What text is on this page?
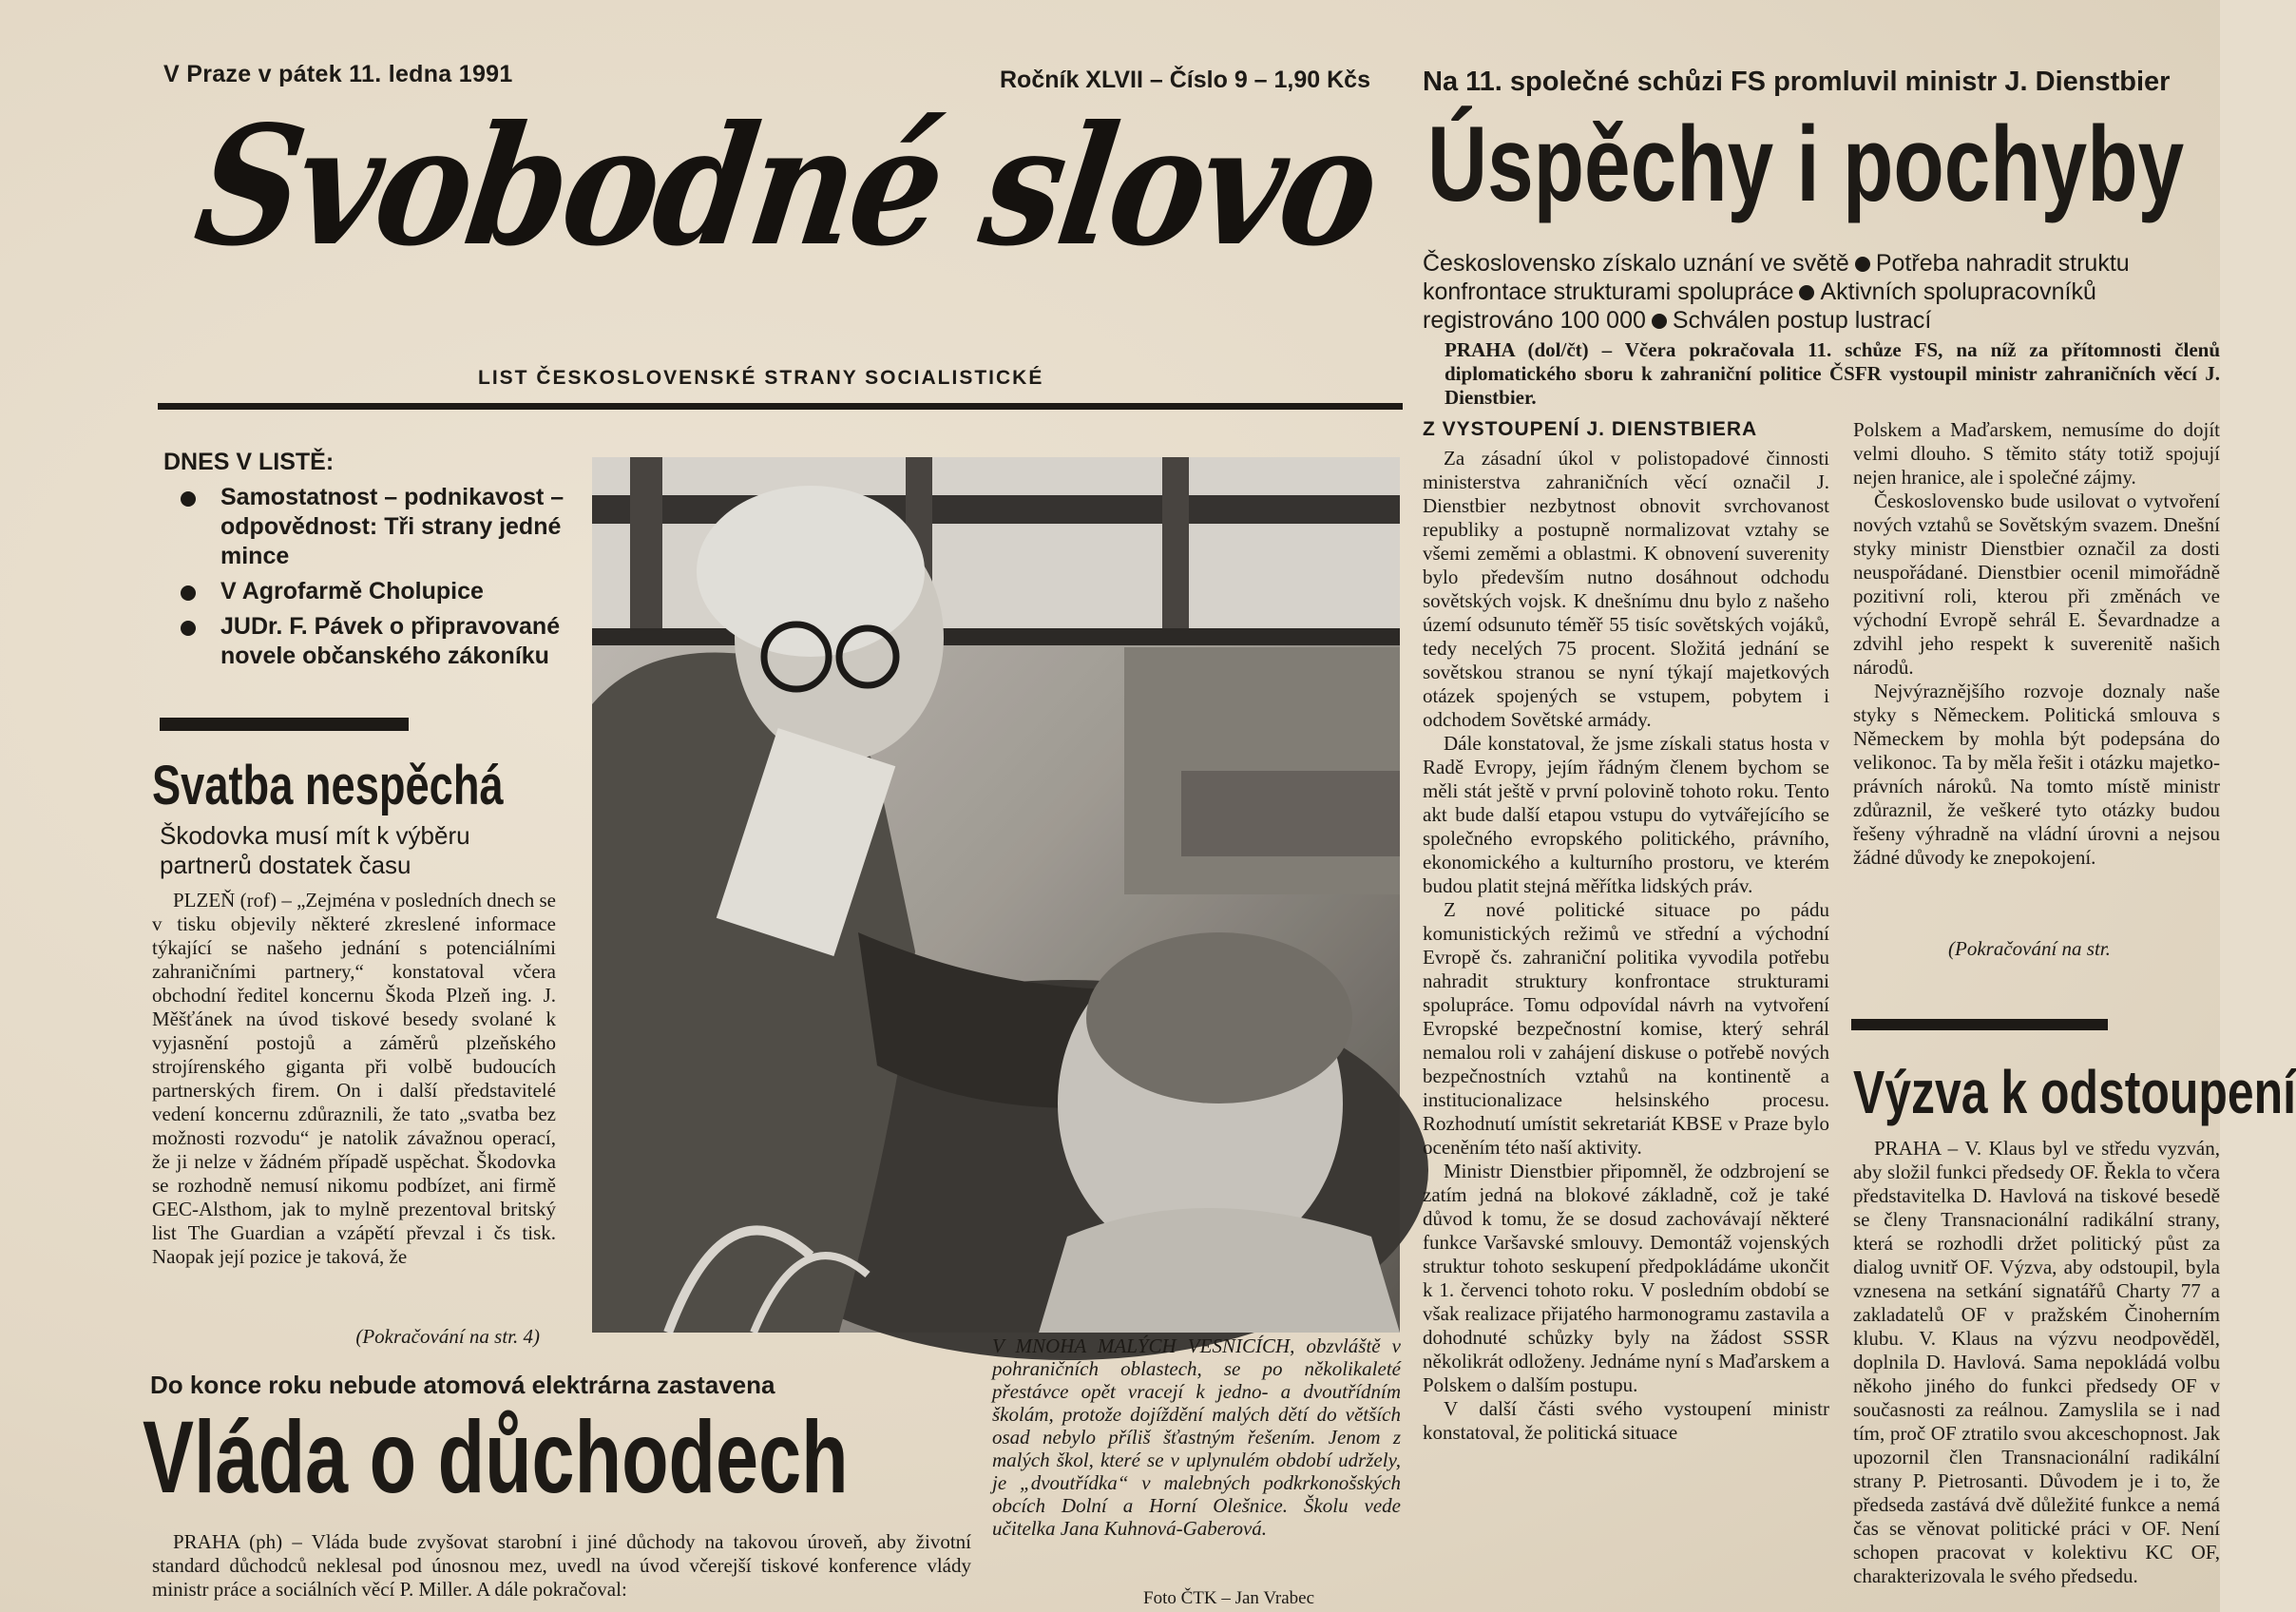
V Praze v pátek 11. ledna 1991	Ročník XLVII – Číslo 9 – 1,90 Kčs
Svobodné slovo
LIST ČESKOSLOVENSKÉ STRANY SOCIALISTICKÉ
DNES V LISTĚ:
Samostatnost – podnikavost – odpovědnost: Tři strany jedné mince
V Agrofarmě Cholupice
JUDr. F. Pávek o připravované novele občanského zákoníku
Svatba nespěchá
Škodovka musí mít k výběru partnerů dostatek času

PLZEŇ (rof) – „Zejména v posledních dnech se v tisku objevily některé zkreslené informace týkající se našeho jednání s potenciálními zahraničními partnery,“ konstatoval včera obchodní ředitel koncernu Škoda Plzeň ing. J. Měšťánek na úvod tiskové besedy svolané k vyjasnění postojů a záměrů plzeňského strojírenského giganta při volbě budoucích partnerských firem. On i další představitelé vedení koncernu zdůraznili, že tato „svatba bez možnosti rozvodu“ je natolik závažnou operací, že ji nelze v žádném případě uspěchat. Škodovka se rozhodně nemusí nikomu podbízet, ani firmě GEC-Alsthom, jak to mylně prezentoval britský list The Guardian a vzápětí převzal i čs tisk. Naopak její pozice je taková, že

(Pokračování na str. 4)	V MNOHA MALÝCH VESNICÍCH, obzvláště v pohraničních oblastech, se po několikaleté přestávce opět vracejí k jedno- a dvoutřídním školám, protože dojíždění malých dětí do větších osad nebylo příliš šťastným řešením. Jenom z malých škol, které se v uplynulém období udržely, je „dvoutřídka“ v malebných podkrkonošských obcích Dolní a Horní Olešnice. Školu vede učitelka Jana Kuhnová-Gaberová.
Foto ČTK – Jan Vrabec
Do konce roku nebude atomová elektrárna zastavena
Vláda o důchodech

PRAHA (ph) – Vláda bude zvyšovat starobní i jiné důchody na takovou úroveň, aby životní standard důchodců neklesal pod únosnou mez, uvedl na úvod včerejší tiskové konference vlády ministr práce a sociálních věcí P. Miller. A dále pokračoval:

Na 11. společné schůzi FS promluvil ministr J. Dienstbier
Úspěchy i pochyby
Československo získalo uznání ve světě Potřeba nahradit struktu
konfrontace strukturami spolupráce Aktivních spolupracovníků
registrováno 100 000 Schválen postup lustrací

PRAHA (dol/čt) – Včera pokračovala 11. schůze FS, na níž za přítomnosti členů diplomatického sboru k zahraniční politice ČSFR vystoupil ministr zahraničních věcí J. Dienstbier.

Z VYSTOUPENÍ J. DIENSTBIERA

Za zásadní úkol v polistopadové činnosti ministerstva zahraničních věcí označil J. Dienstbier nezbytnost obnovit svrchovanost republiky a postupně normalizovat vztahy se všemi zeměmi a oblastmi. K obnovení suverenity bylo především nutno dosáhnout odchodu sovětských vojsk. K dnešnímu dnu bylo z našeho území odsunuto téměř 55 tisíc sovětských vojáků, tedy necelých 75 procent. Složitá jednání se sovětskou stranou se nyní týkají majetkových otázek spojených se vstupem, pobytem i odchodem Sovětské armády.

Dále konstatoval, že jsme získali status hosta v Radě Evropy, jejím řádným členem bychom se měli stát ještě v první polovině tohoto roku. Tento akt bude další etapou vstupu do vytvářejícího se společného evropského politického, právního, ekonomického a kulturního prostoru, ve kterém budou platit stejná měřítka lidských práv.

Z nové politické situace po pádu komunistických režimů ve střední a východní Evropě čs. zahraniční politika vyvodila potřebu nahradit struktury konfrontace strukturami spolupráce. Tomu odpovídal návrh na vytvoření Evropské bezpečnostní komise, který sehrál nemalou roli v zahájení diskuse o potřebě nových bezpečnostních vztahů na kontinentě a institucionalizace helsinského procesu. Rozhodnutí umístit sekretariát KBSE v Praze bylo oceněním této naší aktivity.

Ministr Dienstbier připomněl, že odzbrojení se zatím jedná na blokové základně, což je také důvod k tomu, že se dosud zachovávají některé funkce Varšavské smlouvy. Demontáž vojenských struktur tohoto seskupení předpokládáme ukončit k 1. červenci tohoto roku. V posledním období se však realizace přijatého harmonogramu zastavila a dohodnuté schůzky byly na žádost SSSR několikrát odloženy. Jednáme nyní s Maďarskem a Polskem o dalším postupu.

V další části svého vystoupení ministr konstatoval, že politická situace

Polskem a Maďarskem, nemusíme do dojít velmi dlouho. S těmito státy totiž spojují nejen hranice, ale i společné zájmy.

Československo bude usilovat o vytvoření nových vztahů se Sovětským svazem. Dnešní styky ministr Dienstbier označil za dosti neuspořádané. Dienstbier ocenil mimořádně pozitivní roli, kterou při změnách ve východní Evropě sehrál E. Ševardnadze a zdvihl jeho respekt k suverenitě našich národů.

Nejvýraznějšího rozvoje doznaly naše styky s Německem. Politická smlouva s Německem by mohla být podepsána do velikonoc. Ta by měla řešit i otázku majetko-právních nároků. Na tomto místě ministr zdůraznil, že veškeré tyto otázky budou řešeny výhradně na vládní úrovni a nejsou žádné důvody ke znepokojení.

(Pokračování na str.
Výzva k odstoupení

PRAHA – V. Klaus byl ve středu vyzván, aby složil funkci předsedy OF. Řekla to včera představitelka D. Havlová na tiskové besedě se členy Transnacionální radikální strany, která se rozhodli držet politický půst za dialog uvnitř OF. Výzva, aby odstoupil, byla vznesena na setkání signatářů Charty 77 a zakladatelů OF v pražském Činoherním klubu. V. Klaus na výzvu neodpověděl, doplnila D. Havlová. Sama nepokládá volbu někoho jiného do funkci předsedy OF v současnosti za reálnou. Zamyslila se i nad tím, proč OF ztratilo svou akceschopnost. Jak upozornil člen Transnacionální radikální strany P. Pietrosanti. Důvodem je i to, že předseda zastává dvě důležité funkce a nemá čas se věnovat politické práci v OF. Není schopen pracovat v kolektivu KC OF, charakterizovala le svého předsedu.
